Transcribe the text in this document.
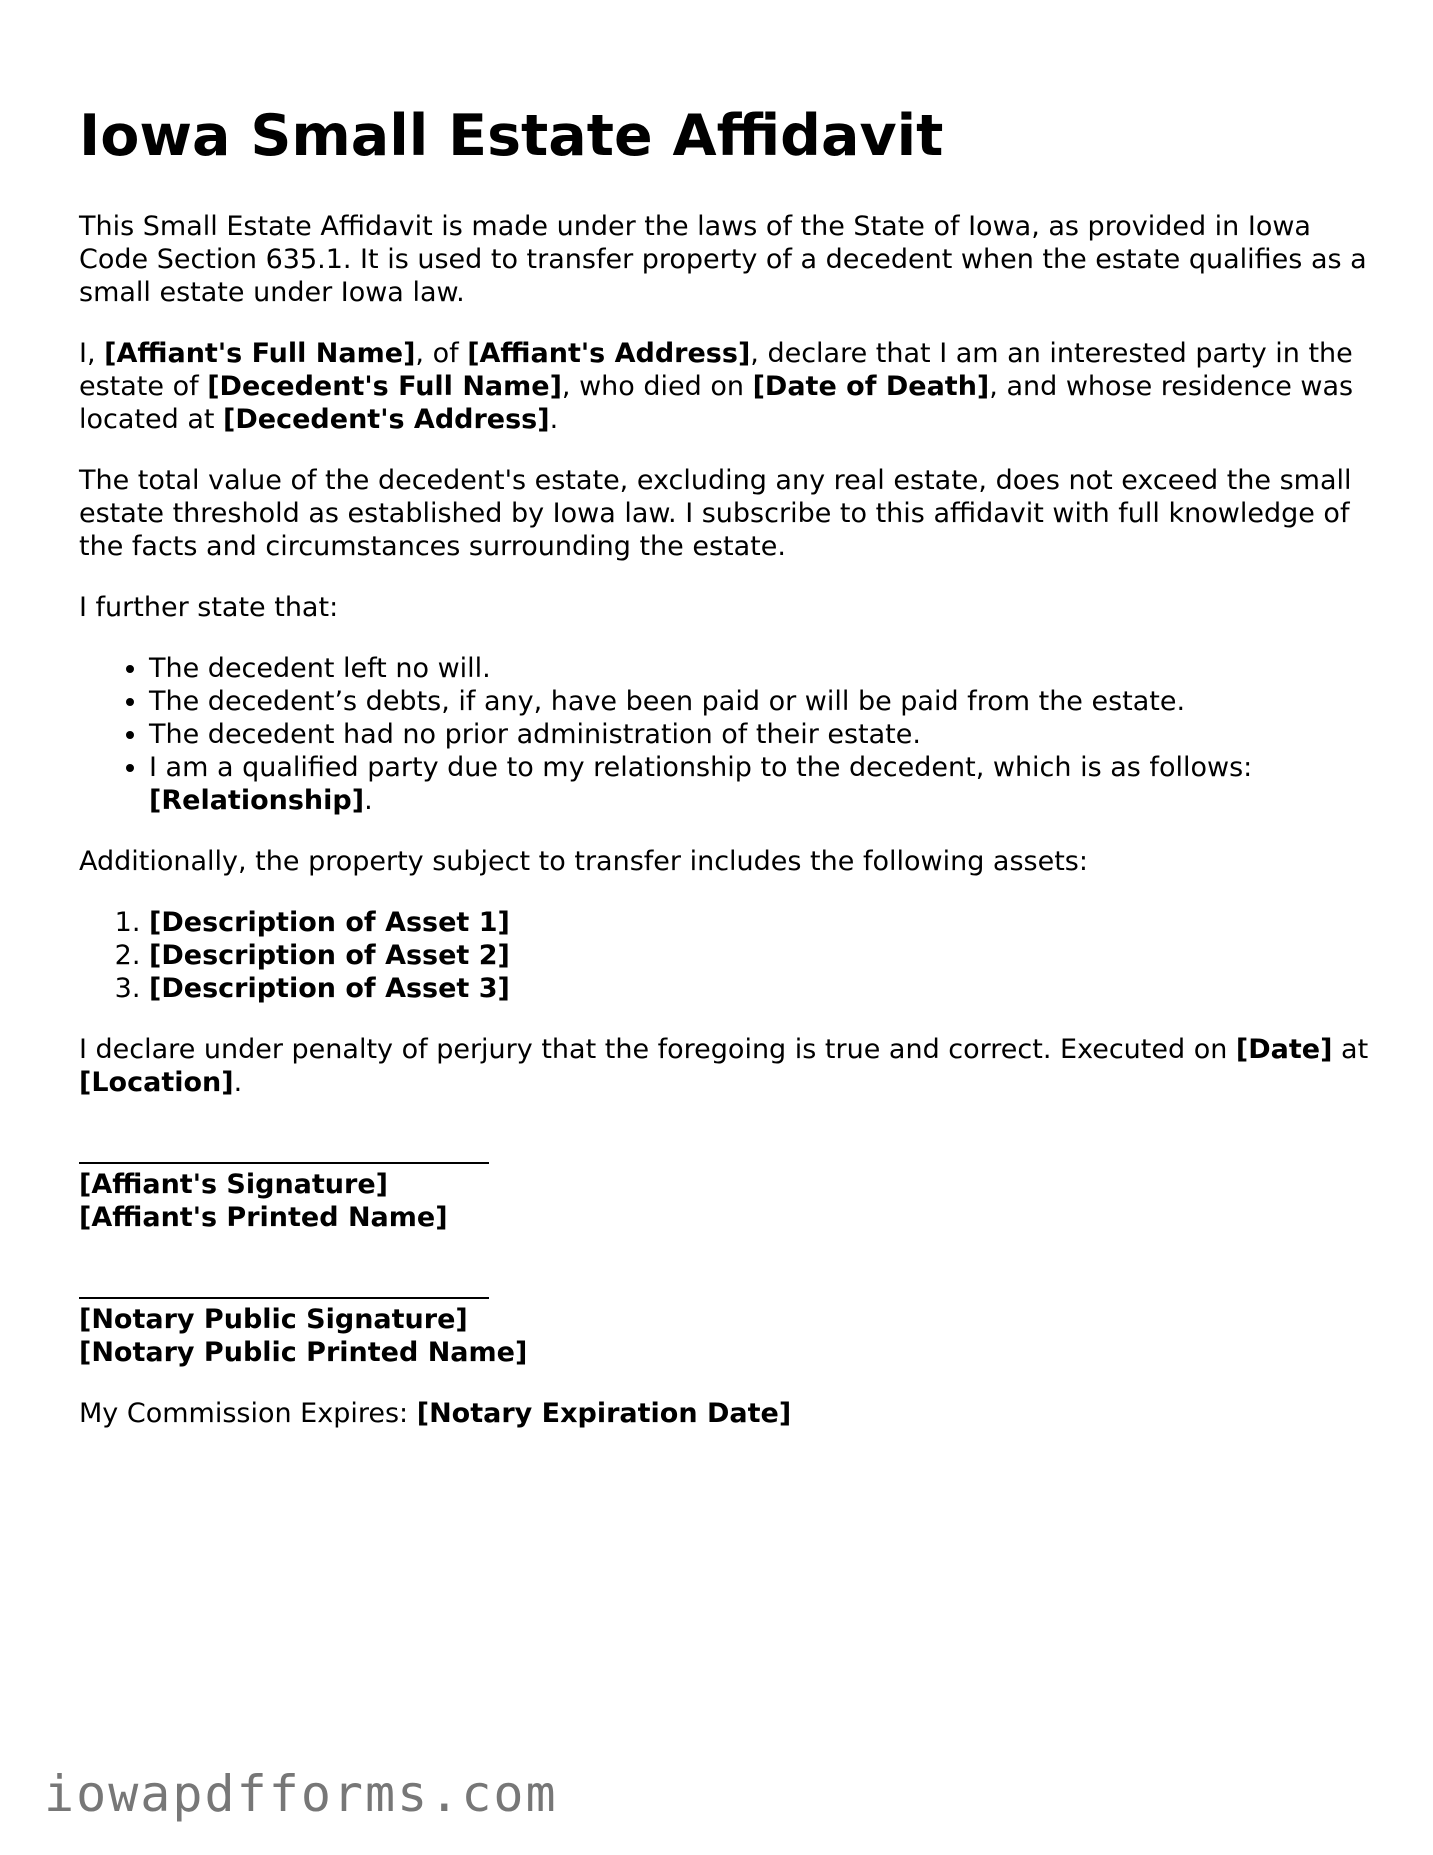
Iowa Small Estate Affidavit

This Small Estate Affidavit is made under the laws of the State of Iowa, as provided in Iowa Code Section 635.1. It is used to transfer property of a decedent when the estate qualifies as a small estate under Iowa law.

I, [Affiant's Full Name], of [Affiant's Address], declare that I am an interested party in the estate of [Decedent's Full Name], who died on [Date of Death], and whose residence was located at [Decedent's Address].

The total value of the decedent's estate, excluding any real estate, does not exceed the small estate threshold as established by Iowa law. I subscribe to this affidavit with full knowledge of the facts and circumstances surrounding the estate.

I further state that:

• The decedent left no will.
• The decedent’s debts, if any, have been paid or will be paid from the estate.
• The decedent had no prior administration of their estate.
• I am a qualified party due to my relationship to the decedent, which is as follows: [Relationship].

Additionally, the property subject to transfer includes the following assets:

1. [Description of Asset 1]
2. [Description of Asset 2]
3. [Description of Asset 3]

I declare under penalty of perjury that the foregoing is true and correct. Executed on [Date] at [Location].

[Affiant's Signature]
[Affiant's Printed Name]
[Notary Public Signature]
[Notary Public Printed Name]

My Commission Expires: [Notary Expiration Date]

iowapdfforms.com
